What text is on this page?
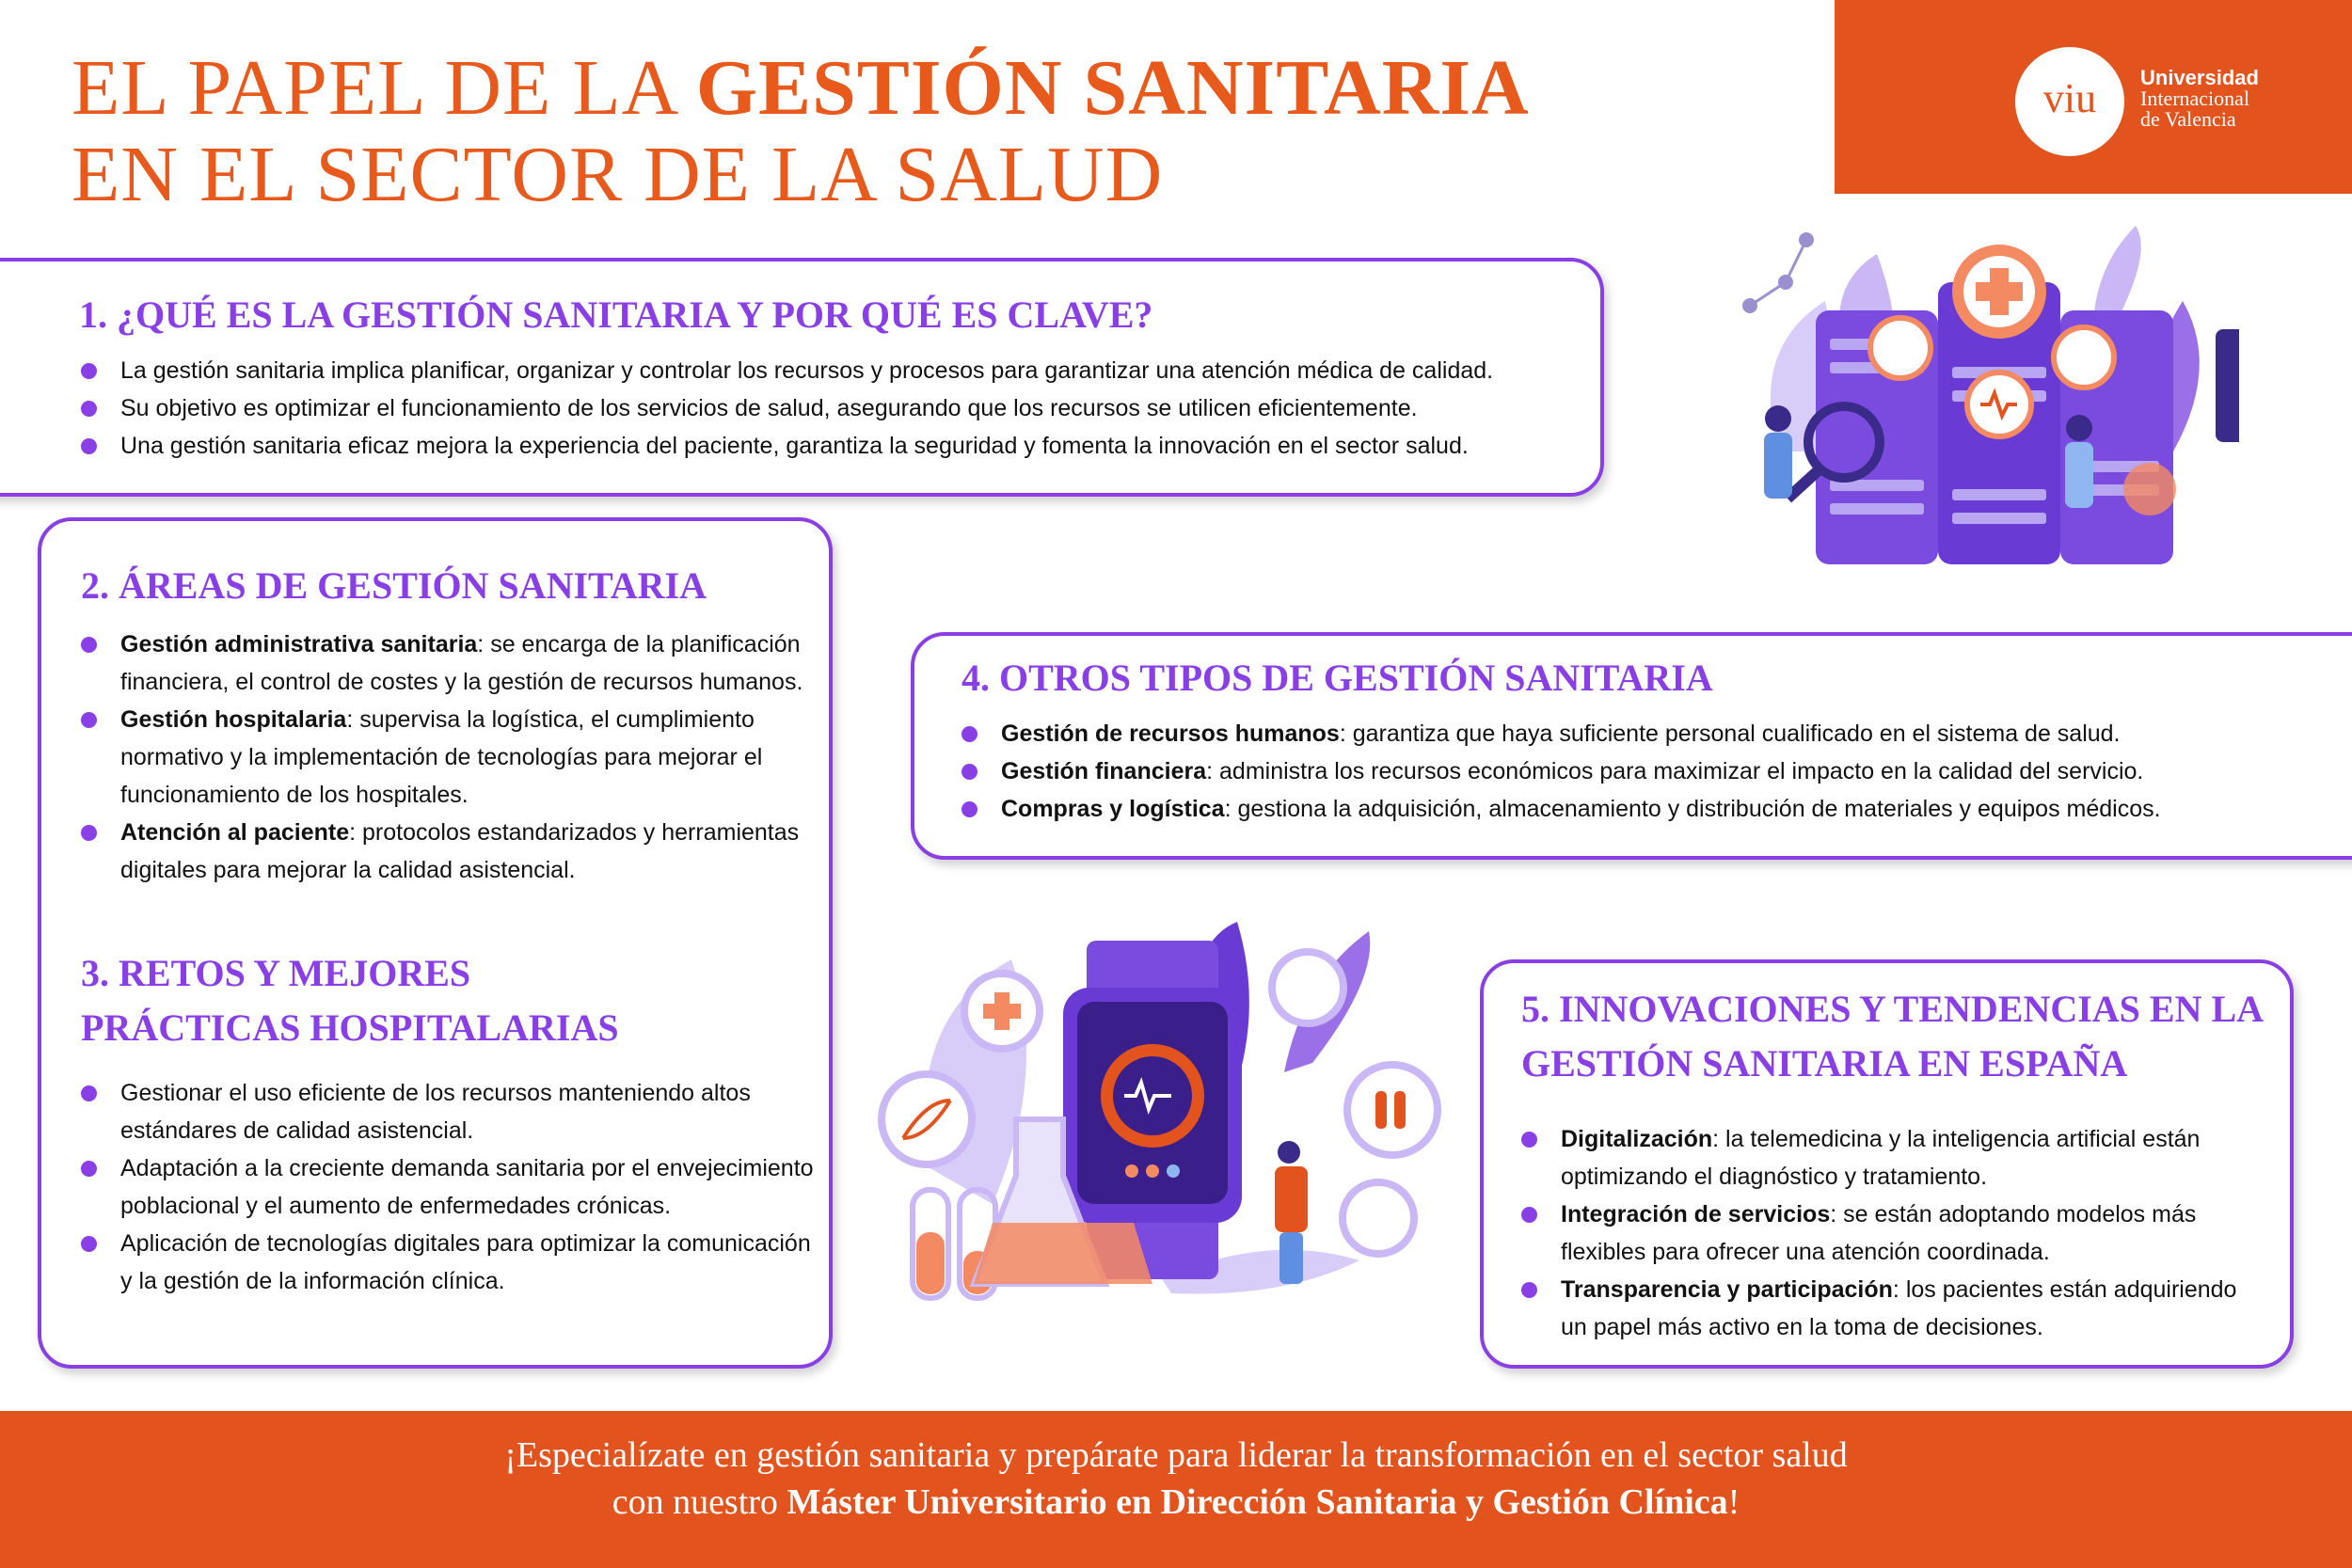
EL PAPEL DE LA GESTIÓN SANITARIA
EN EL SECTOR DE LA SALUD
viu	Universidad
Internacional
de Valencia
1. ¿QUÉ ES LA GESTIÓN SANITARIA Y POR QUÉ ES CLAVE?
La gestión sanitaria implica planificar, organizar y controlar los recursos y procesos para garantizar una atención médica de calidad.
Su objetivo es optimizar el funcionamiento de los servicios de salud, asegurando que los recursos se utilicen eficientemente.
Una gestión sanitaria eficaz mejora la experiencia del paciente, garantiza la seguridad y fomenta la innovación en el sector salud.
2. ÁREAS DE GESTIÓN SANITARIA
Gestión administrativa sanitaria: se encarga de la planificación financiera, el control de costes y la gestión de recursos humanos.
Gestión hospitalaria: supervisa la logística, el cumplimiento normativo y la implementación de tecnologías para mejorar el funcionamiento de los hospitales.
Atención al paciente: protocolos estandarizados y herramientas digitales para mejorar la calidad asistencial.
3. RETOS Y MEJORES
PRÁCTICAS HOSPITALARIAS
Gestionar el uso eficiente de los recursos manteniendo altos estándares de calidad asistencial.
Adaptación a la creciente demanda sanitaria por el envejecimiento poblacional y el aumento de enfermedades crónicas.
Aplicación de tecnologías digitales para optimizar la comunicación y la gestión de la información clínica.
4. OTROS TIPOS DE GESTIÓN SANITARIA
Gestión de recursos humanos: garantiza que haya suficiente personal cualificado en el sistema de salud.
Gestión financiera: administra los recursos económicos para maximizar el impacto en la calidad del servicio.
Compras y logística: gestiona la adquisición, almacenamiento y distribución de materiales y equipos médicos.
5. INNOVACIONES Y TENDENCIAS EN LA
GESTIÓN SANITARIA EN ESPAÑA
Digitalización: la telemedicina y la inteligencia artificial están optimizando el diagnóstico y tratamiento.
Integración de servicios: se están adoptando modelos más flexibles para ofrecer una atención coordinada.
Transparencia y participación: los pacientes están adquiriendo un papel más activo en la toma de decisiones.
¡Especialízate en gestión sanitaria y prepárate para liderar la transformación en el sector salud
con nuestro Máster Universitario en Dirección Sanitaria y Gestión Clínica!
